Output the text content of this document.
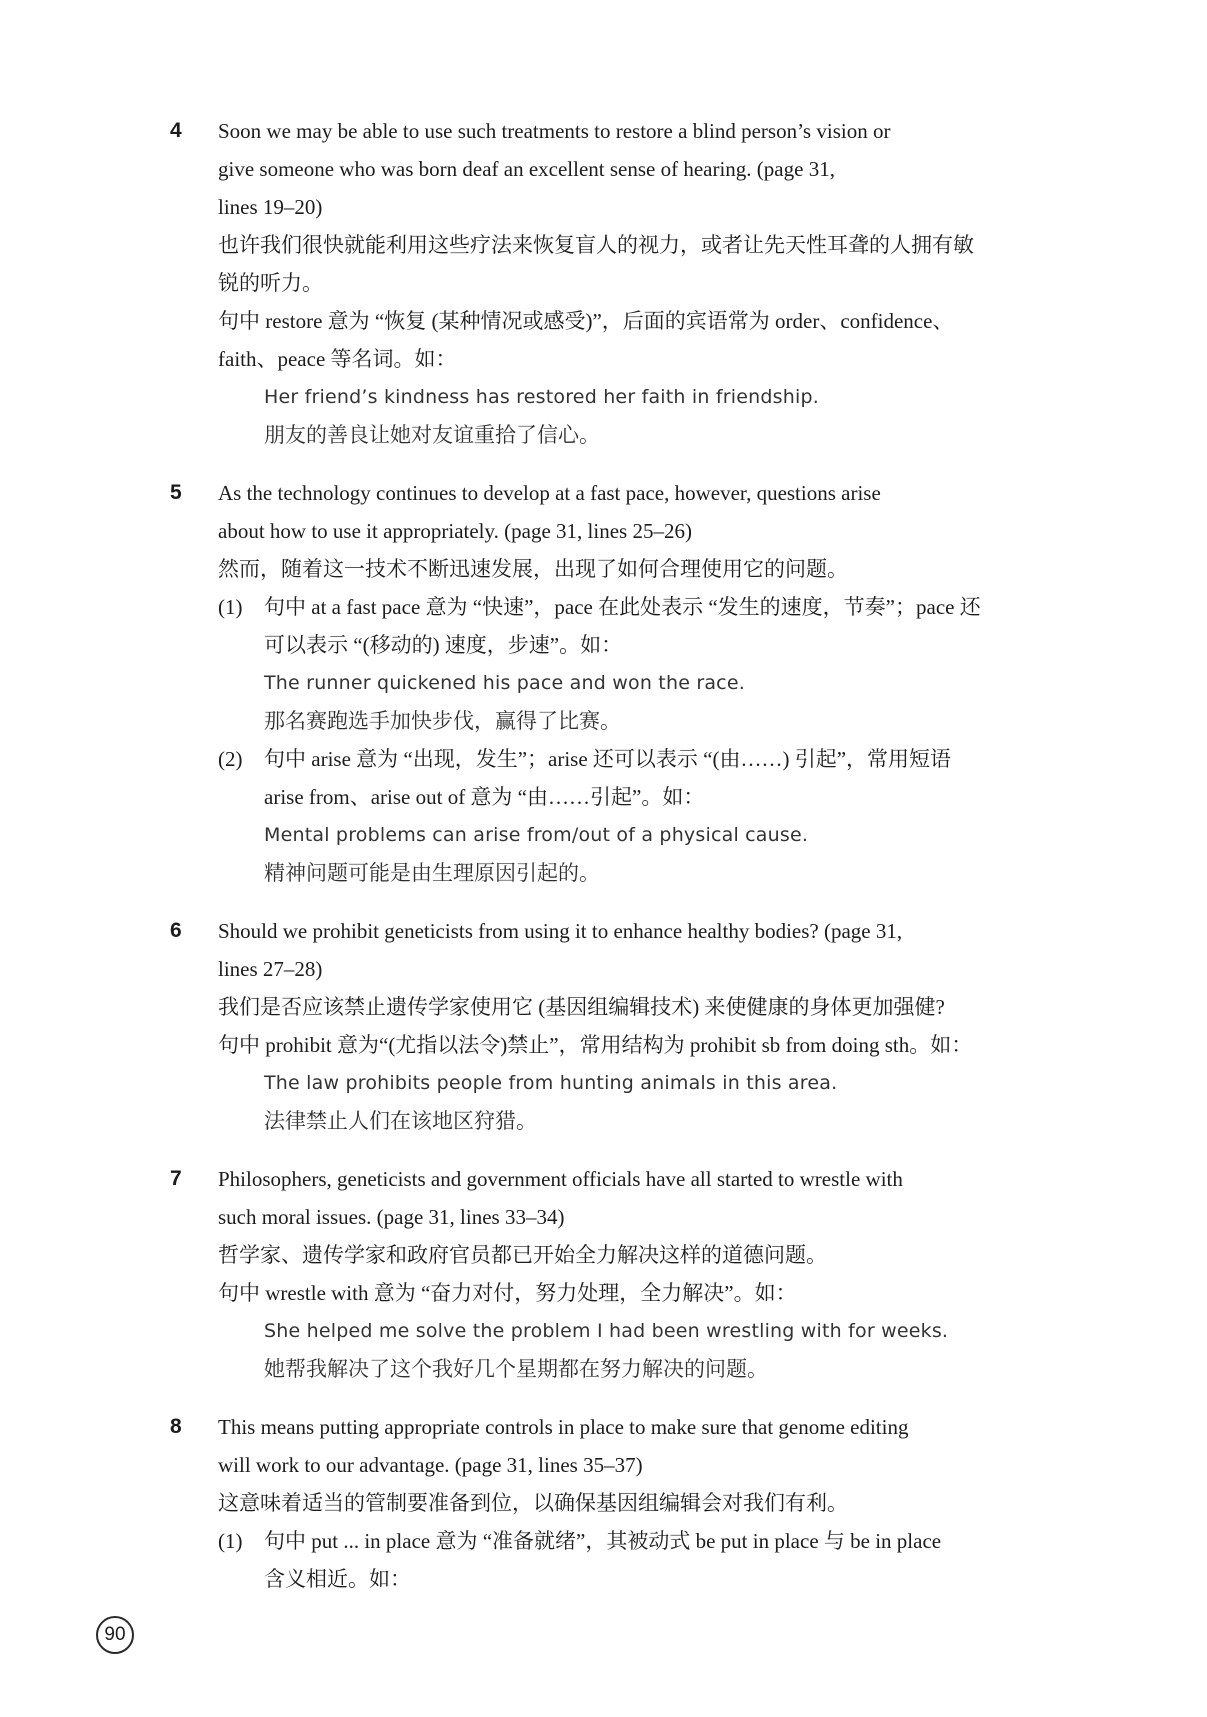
4	Soon we may be able to use such treatments to restore a blind person’s vision or
give someone who was born deaf an excellent sense of hearing. (page 31,
lines 19–20)
也许我们很快就能利用这些疗法来恢复盲人的视力，或者让先天性耳聋的人拥有敏
锐的听力。
句中 restore 意为 “恢复 (某种情况或感受)”，后面的宾语常为 order、confidence、
faith、peace 等名词。如：
Her friend’s kindness has restored her faith in friendship.
朋友的善良让她对友谊重拾了信心。
5	As the technology continues to develop at a fast pace, however, questions arise
about how to use it appropriately. (page 31, lines 25–26)
然而，随着这一技术不断迅速发展，出现了如何合理使用它的问题。
(1) 句中 at a fast pace 意为 “快速”，pace 在此处表示 “发生的速度，节奏”；pace 还
可以表示 “(移动的) 速度，步速”。如：
The runner quickened his pace and won the race.
那名赛跑选手加快步伐，赢得了比赛。
(2) 句中 arise 意为 “出现，发生”；arise 还可以表示 “(由……) 引起”，常用短语
arise from、arise out of 意为 “由……引起”。如：
Mental problems can arise from/out of a physical cause.
精神问题可能是由生理原因引起的。
6	Should we prohibit geneticists from using it to enhance healthy bodies? (page 31,
lines 27–28)
我们是否应该禁止遗传学家使用它 (基因组编辑技术) 来使健康的身体更加强健?
句中 prohibit 意为“(尤指以法令)禁止”，常用结构为 prohibit sb from doing sth。如：
The law prohibits people from hunting animals in this area.
法律禁止人们在该地区狩猎。
7	Philosophers, geneticists and government officials have all started to wrestle with
such moral issues. (page 31, lines 33–34)
哲学家、遗传学家和政府官员都已开始全力解决这样的道德问题。
句中 wrestle with 意为 “奋力对付，努力处理，全力解决”。如：
She helped me solve the problem I had been wrestling with for weeks.
她帮我解决了这个我好几个星期都在努力解决的问题。
8	This means putting appropriate controls in place to make sure that genome editing
will work to our advantage. (page 31, lines 35–37)
这意味着适当的管制要准备到位，以确保基因组编辑会对我们有利。
(1) 句中 put ... in place 意为 “准备就绪”，其被动式 be put in place 与 be in place
含义相近。如：
90
